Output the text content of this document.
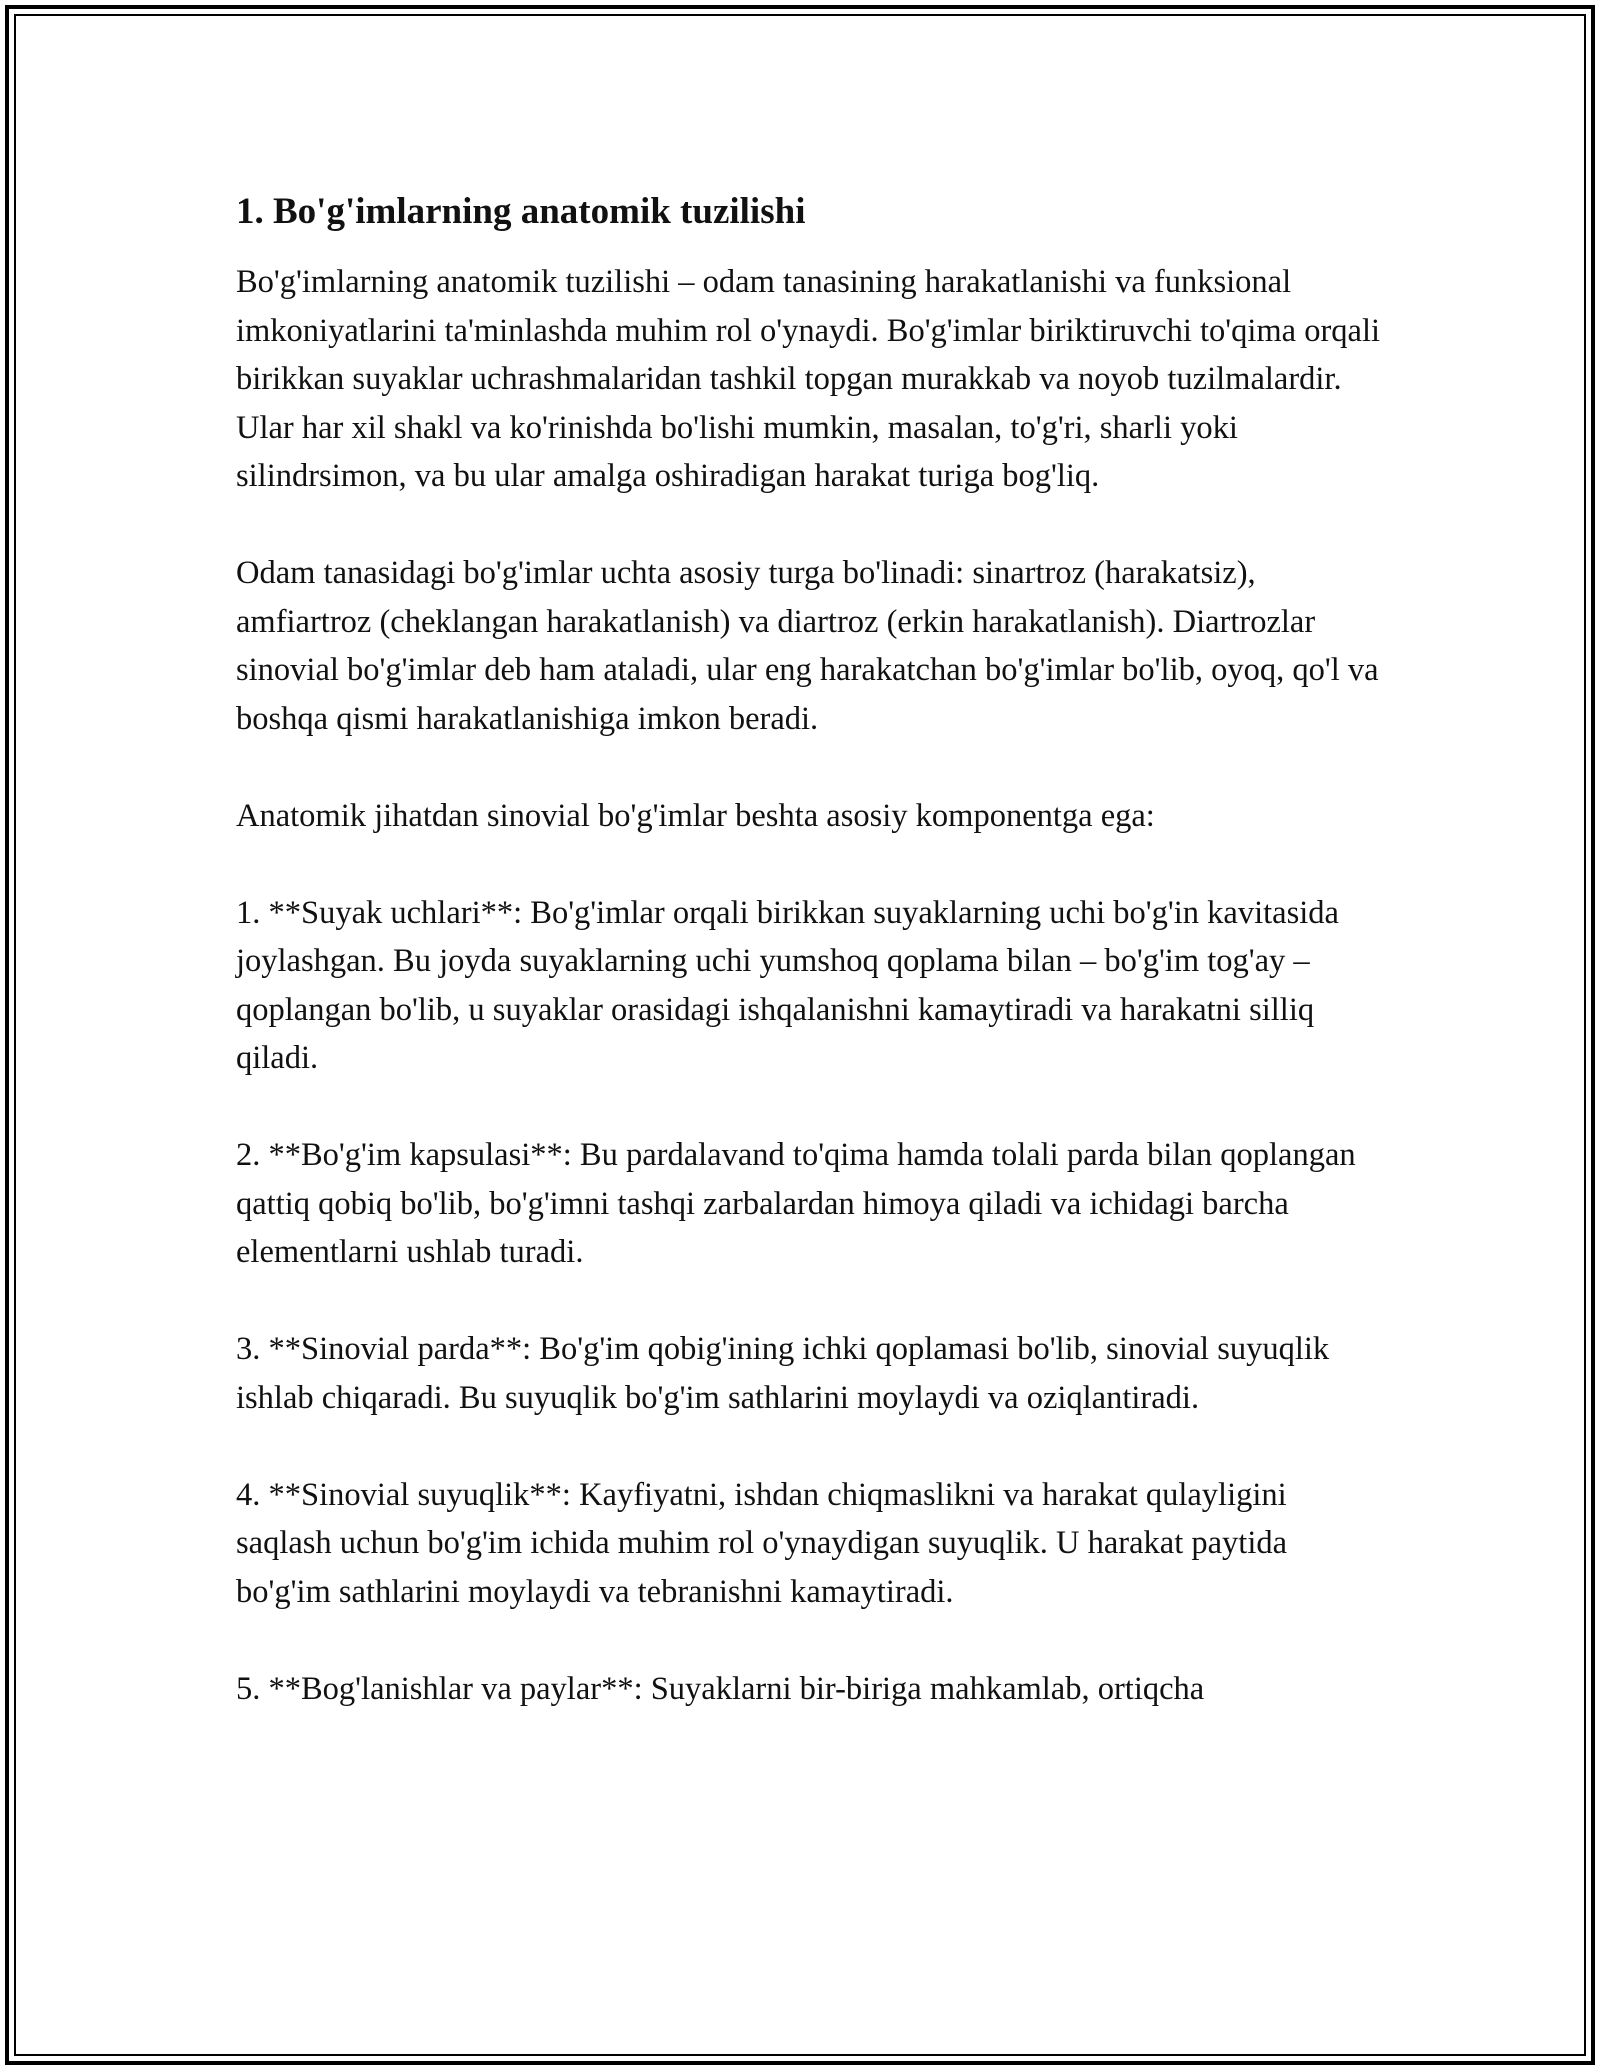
1. Bo'g'imlarning anatomik tuzilishi

Bo'g'imlarning anatomik tuzilishi – odam tanasining harakatlanishi va funksional imkoniyatlarini ta'minlashda muhim rol o'ynaydi. Bo'g'imlar biriktiruvchi to'qima orqali birikkan suyaklar uchrashmalaridan tashkil topgan murakkab va noyob tuzilmalardir. Ular har xil shakl va ko'rinishda bo'lishi mumkin, masalan, to'g'ri, sharli yoki silindrsimon, va bu ular amalga oshiradigan harakat turiga bog'liq.

Odam tanasidagi bo'g'imlar uchta asosiy turga bo'linadi: sinartroz (harakatsiz), amfiartroz (cheklangan harakatlanish) va diartroz (erkin harakatlanish). Diartrozlar sinovial bo'g'imlar deb ham ataladi, ular eng harakatchan bo'g'imlar bo'lib, oyoq, qo'l va boshqa qismi harakatlanishiga imkon beradi.

Anatomik jihatdan sinovial bo'g'imlar beshta asosiy komponentga ega:

1. **Suyak uchlari**: Bo'g'imlar orqali birikkan suyaklarning uchi bo'g'in kavitasida joylashgan. Bu joyda suyaklarning uchi yumshoq qoplama bilan – bo'g'im tog'ay – qoplangan bo'lib, u suyaklar orasidagi ishqalanishni kamaytiradi va harakatni silliq qiladi.

2. **Bo'g'im kapsulasi**: Bu pardalavand to'qima hamda tolali parda bilan qoplangan qattiq qobiq bo'lib, bo'g'imni tashqi zarbalardan himoya qiladi va ichidagi barcha elementlarni ushlab turadi.

3. **Sinovial parda**: Bo'g'im qobig'ining ichki qoplamasi bo'lib, sinovial suyuqlik ishlab chiqaradi. Bu suyuqlik bo'g'im sathlarini moylaydi va oziqlantiradi.

4. **Sinovial suyuqlik**: Kayfiyatni, ishdan chiqmaslikni va harakat qulayligini saqlash uchun bo'g'im ichida muhim rol o'ynaydigan suyuqlik. U harakat paytida bo'g'im sathlarini moylaydi va tebranishni kamaytiradi.

5. **Bog'lanishlar va paylar**: Suyaklarni bir-biriga mahkamlab, ortiqcha
